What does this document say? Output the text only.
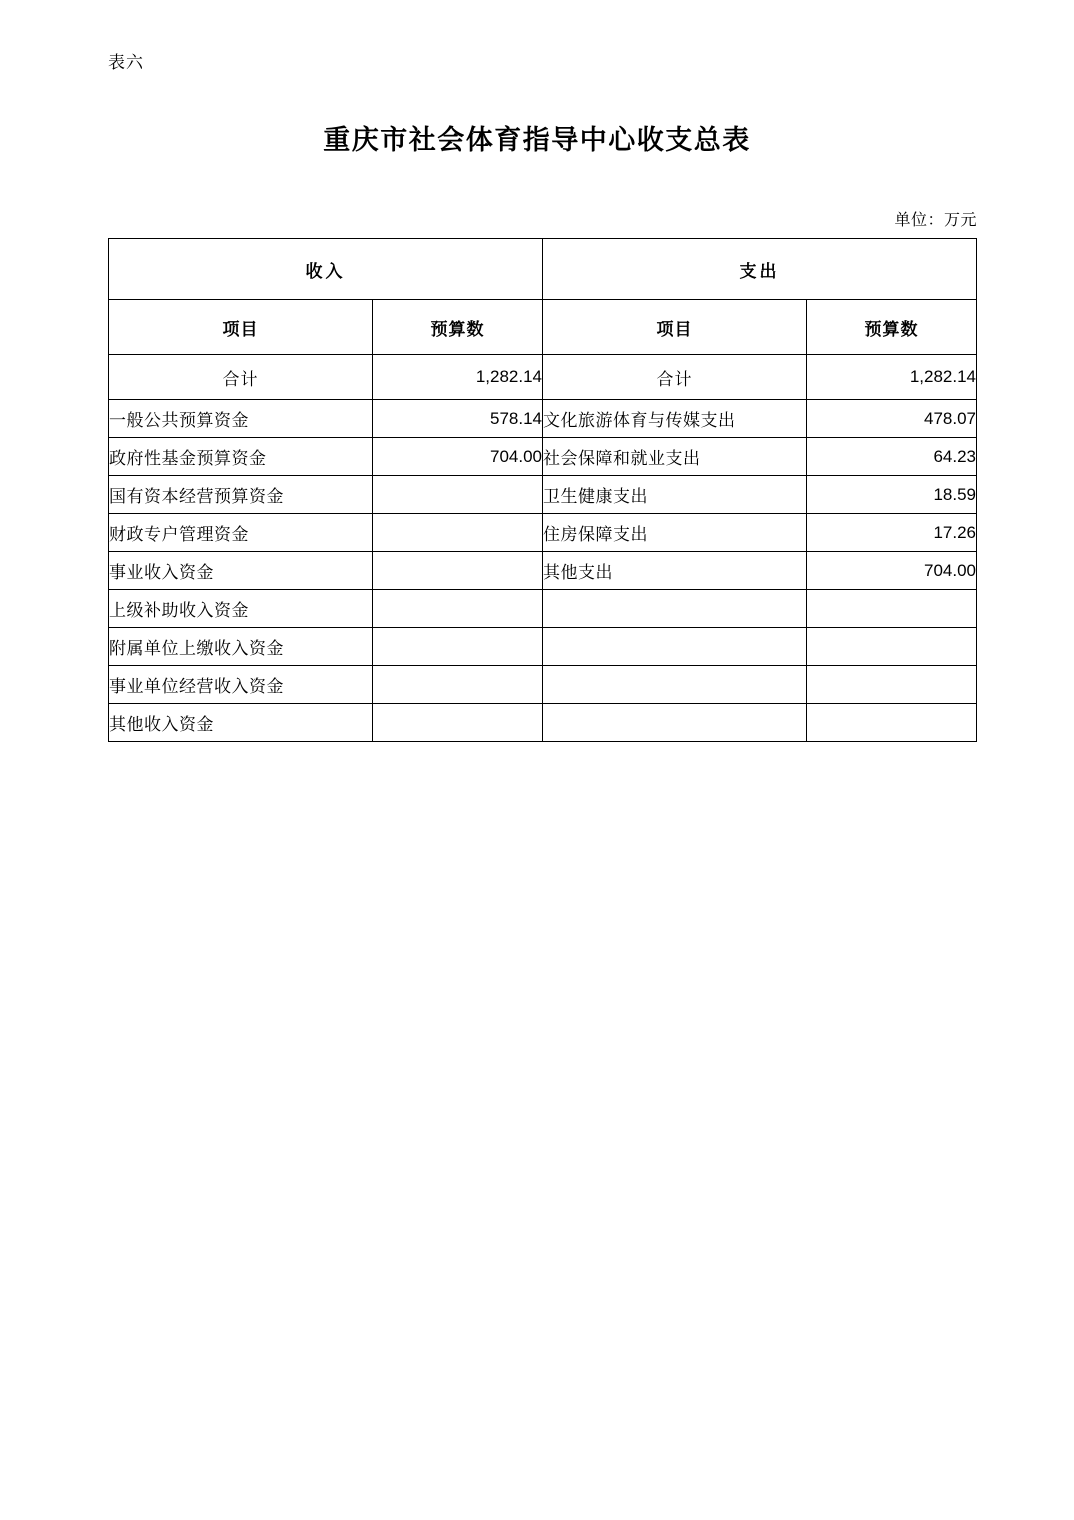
表六
重庆市社会体育指导中心收支总表
单位：万元
收入		支出	
项目	预算数	项目	预算数
合计	1,282.14	合计	1,282.14
一般公共预算资金	578.14	文化旅游体育与传媒支出	478.07
政府性基金预算资金	704.00	社会保障和就业支出	64.23
国有资本经营预算资金		卫生健康支出	18.59
财政专户管理资金		住房保障支出	17.26
事业收入资金		其他支出	704.00
上级补助收入资金			
附属单位上缴收入资金			
事业单位经营收入资金			
其他收入资金			
